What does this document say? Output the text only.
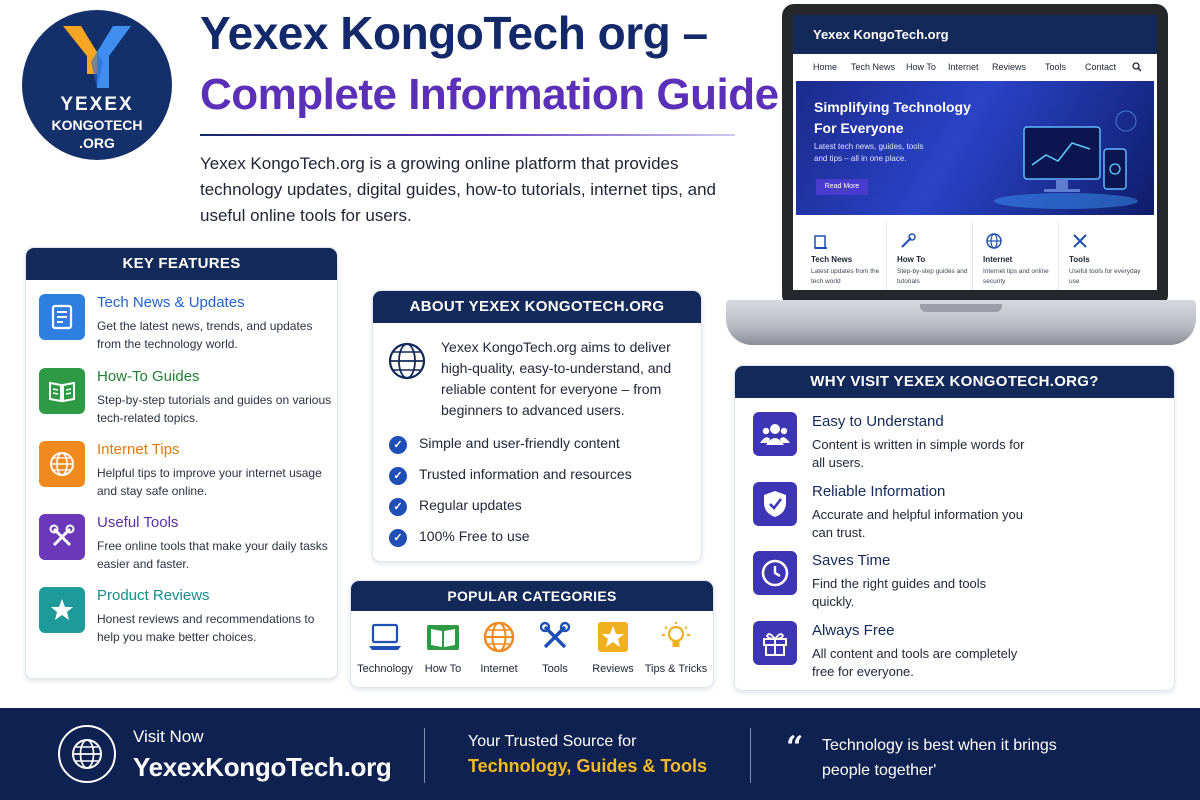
YEXEX
KONGOTECH
.ORG
Yexex KongoTech org –
Complete Information Guide
Yexex KongoTech.org is a growing online platform that provides technology updates, digital guides, how-to tutorials, internet tips, and useful online tools for users.
KEY FEATURES
Tech News & Updates
Get the latest news, trends, and updates from the technology world.
How-To Guides
Step-by-step tutorials and guides on various tech-related topics.
Internet Tips
Helpful tips to improve your internet usage and stay safe online.
Useful Tools
Free online tools that make your daily tasks easier and faster.
Product Reviews
Honest reviews and recommendations to help you make better choices.
ABOUT YEXEX KONGOTECH.ORG
Yexex KongoTech.org aims to deliver high-quality, easy-to-understand, and reliable content for everyone – from beginners to advanced users.
✓	Simple and user-friendly content
✓	Trusted information and resources
✓	Regular updates
✓	100% Free to use
POPULAR CATEGORIES
Technology	How To	Internet	Tools	Reviews Tips & Tricks
Yexex KongoTech.org
Home Tech News How To Internet Reviews Tools Contact
Simplifying Technology
For Everyone
Latest tech news, guides, tools and tips – all in one place.
Read More
Tech News
Latest updates from the tech world
How To
Step-by-step guides and tutorials
Internet
Internet tips and online security
Tools
Useful tools for everyday use
WHY VISIT YEXEX KONGOTECH.ORG?
Easy to Understand
Content is written in simple words for all users.
Reliable Information
Accurate and helpful information you can trust.
Saves Time
Find the right guides and tools quickly.
Always Free
All content and tools are completely free for everyone.
Visit Now
YexexKongoTech.org
Your Trusted Source for
Technology, Guides & Tools
“ Technology is best when it brings people together'
